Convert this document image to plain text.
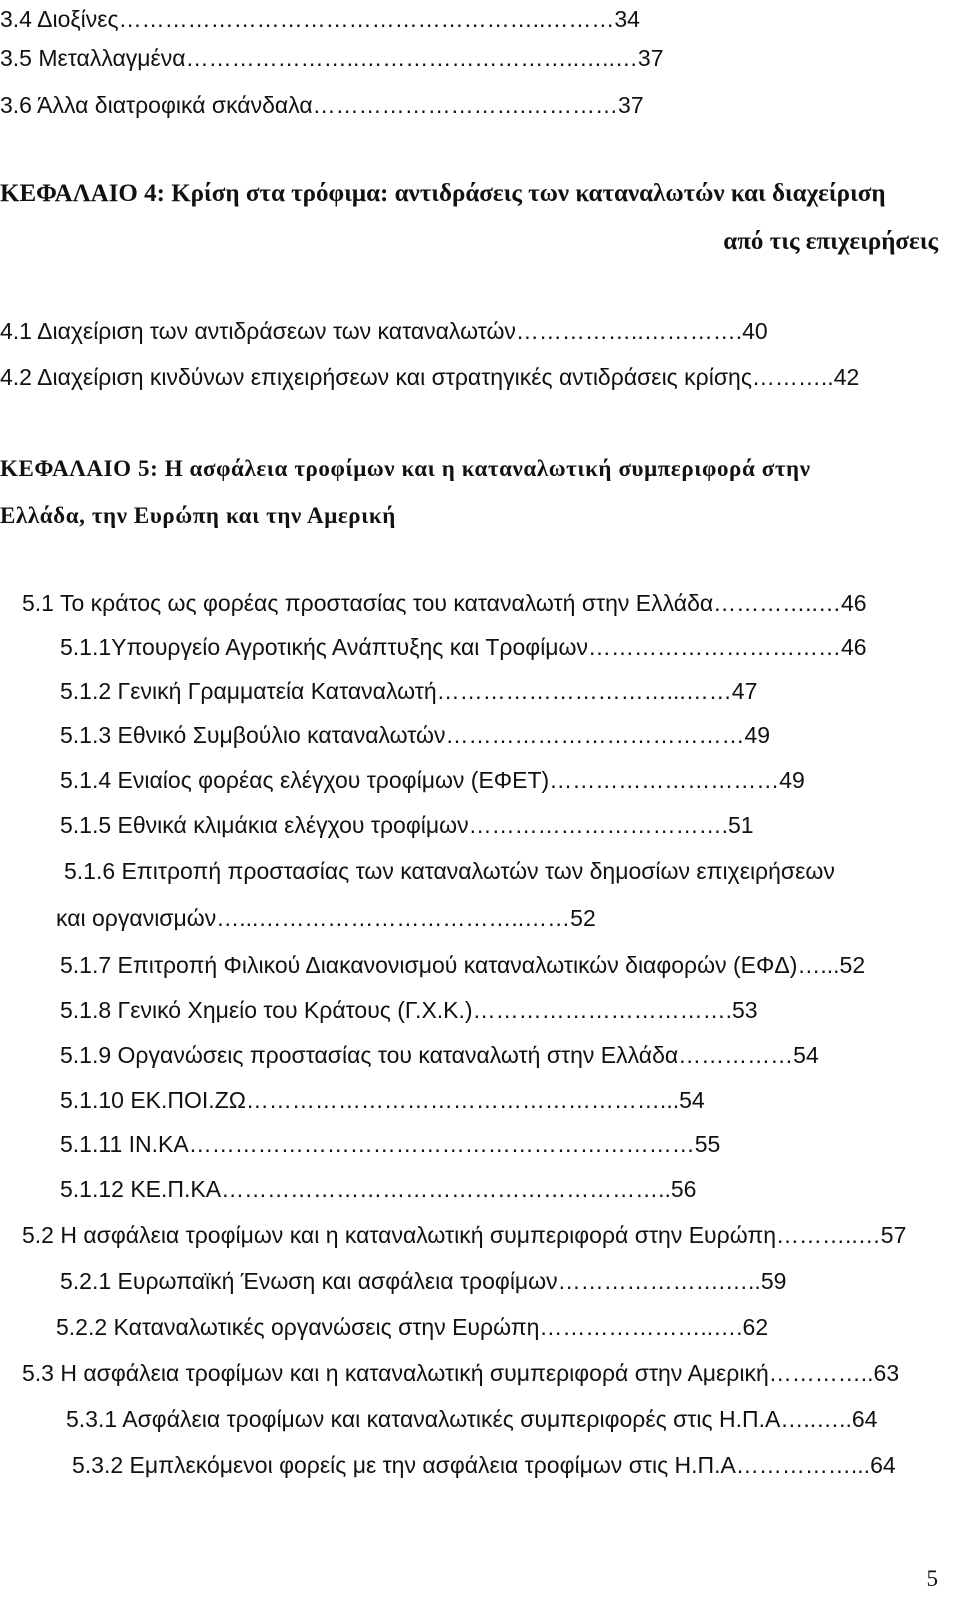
3.4 Διοξίνες………………………………………………..………34
3.5 Μεταλλαγμένα…………………..………………………..…..…37
3.6 Άλλα διατροφικά σκάνδαλα……………………….…………37
ΚΕΦΑΛΑΙΟ 4: Κρίση στα τρόφιμα: αντιδράσεις των καταναλωτών και διαχείριση
από τις επιχειρήσεις
4.1 Διαχείριση των αντιδράσεων των καταναλωτών……………..………….40
4.2 Διαχείριση κινδύνων επιχειρήσεων και στρατηγικές αντιδράσεις κρίσης………..42
ΚΕΦΑΛΑΙΟ 5: Η ασφάλεια τροφίμων και η καταναλωτική συμπεριφορά στην
Ελλάδα, την Ευρώπη και την Αμερική
5.1 Το κράτος ως φορέας προστασίας του καταναλωτή στην Ελλάδα…………..…46
5.1.1Υπουργείο Αγροτικής Ανάπτυξης και Τροφίμων……………………………46
5.1.2 Γενική Γραμματεία Καταναλωτή…………………………...……47
5.1.3 Εθνικό Συμβούλιο καταναλωτών…………………………………49
5.1.4 Ενιαίος φορέας ελέγχου τροφίμων (ΕΦΕΤ)…………………………49
5.1.5 Εθνικά κλιμάκια ελέγχου τροφίμων…………………………….51
5.1.6 Επιτροπή προστασίας των καταναλωτών των δημοσίων επιχειρήσεων
και οργανισμών…...……………………………..……52
5.1.7 Επιτροπή Φιλικού Διακανονισμού καταναλωτικών διαφορών (ΕΦΔ)…...52
5.1.8 Γενικό Χημείο του Κράτους (Γ.Χ.Κ.)…………………………….53
5.1.9 Οργανώσεις προστασίας του καταναλωτή στην Ελλάδα……………54
5.1.10 ΕΚ.ΠΟΙ.ΖΩ………………………………………………...54
5.1.11 ΙΝ.ΚΑ…………………………………………………………55
5.1.12 ΚΕ.Π.ΚΑ…………………………………………………..56
5.2 Η ασφάλεια τροφίμων και η καταναλωτική συμπεριφορά στην Ευρώπη………..…57
5.2.1 Ευρωπαϊκή Ένωση και ασφάλεια τροφίμων………………….…..59
5.2.2 Καταναλωτικές οργανώσεις στην Ευρώπη…………………..….62
5.3 Η ασφάλεια τροφίμων και η καταναλωτική συμπεριφορά στην Αμερική…………..63
5.3.1 Ασφάλεια τροφίμων και καταναλωτικές συμπεριφορές στις Η.Π.Α…..…..64
5.3.2 Εμπλεκόμενοι φορείς με την ασφάλεια τροφίμων στις Η.Π.Α……………...64
5
